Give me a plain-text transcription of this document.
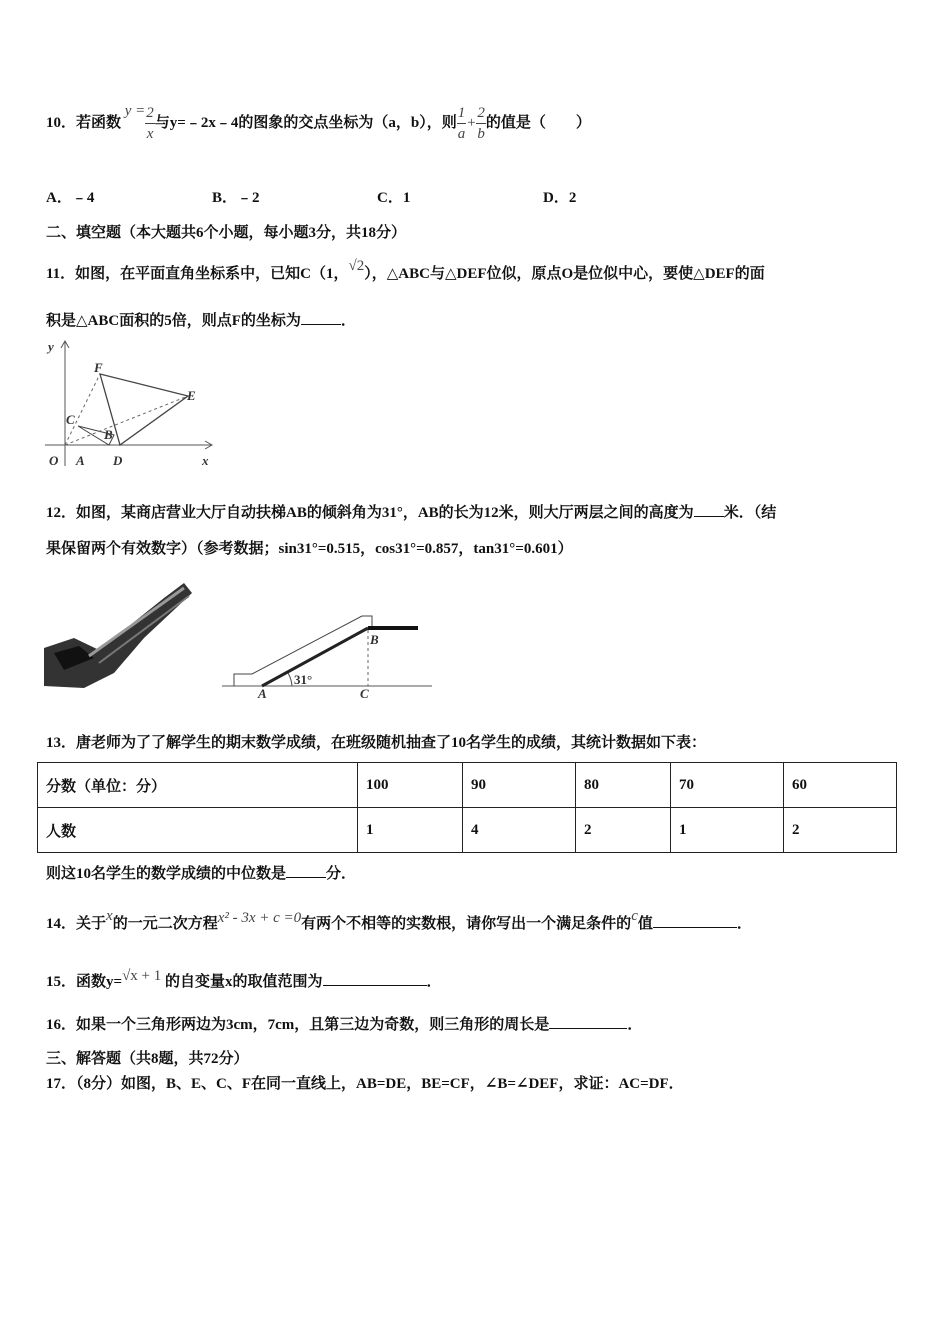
10．若函数 $y = \frac{2}{x}$ 与y=﹣2x﹣4的图象的交点坐标为（a，b），则 $\frac{1}{a} + \frac{2}{b}$ 的值是（　　）
A．﹣4	B．﹣2	C．1	D．2
二、填空题（本大题共6个小题，每小题3分，共18分）
11．如图，在平面直角坐标系中，已知C（1，√2），△ABC与△DEF位似，原点O是位似中心，要使△DEF的面
积是△ABC面积的5倍，则点F的坐标为	．
y
x
O A
B
C
D
E
F
12．如图，某商店营业大厅自动扶梯AB的倾斜角为31°，AB的长为12米，则大厅两层之间的高度为 米．（结
果保留两个有效数字）（参考数据；sin31°=0.515，cos31°=0.857，tan31°=0.601）
31°
A
B
C
13．唐老师为了了解学生的期末数学成绩，在班级随机抽查了10名学生的成绩，其统计数据如下表：
分数（单位：分）	100	90	80	70	60
人数	1	4	2	1	2
则这10名学生的数学成绩的中位数是	分．
14．关于x的一元二次方程x² - 3x + c =0有两个不相等的实数根，请你写出一个满足条件的c值	．
15．函数y=√x + 1 的自变量x的取值范围为	．
16．如果一个三角形两边为3cm，7cm，且第三边为奇数，则三角形的周长是	．
三、解答题（共8题，共72分）
17．（8分）如图，B、E、C、F在同一直线上，AB=DE，BE=CF，∠B=∠DEF，求证：AC=DF．
